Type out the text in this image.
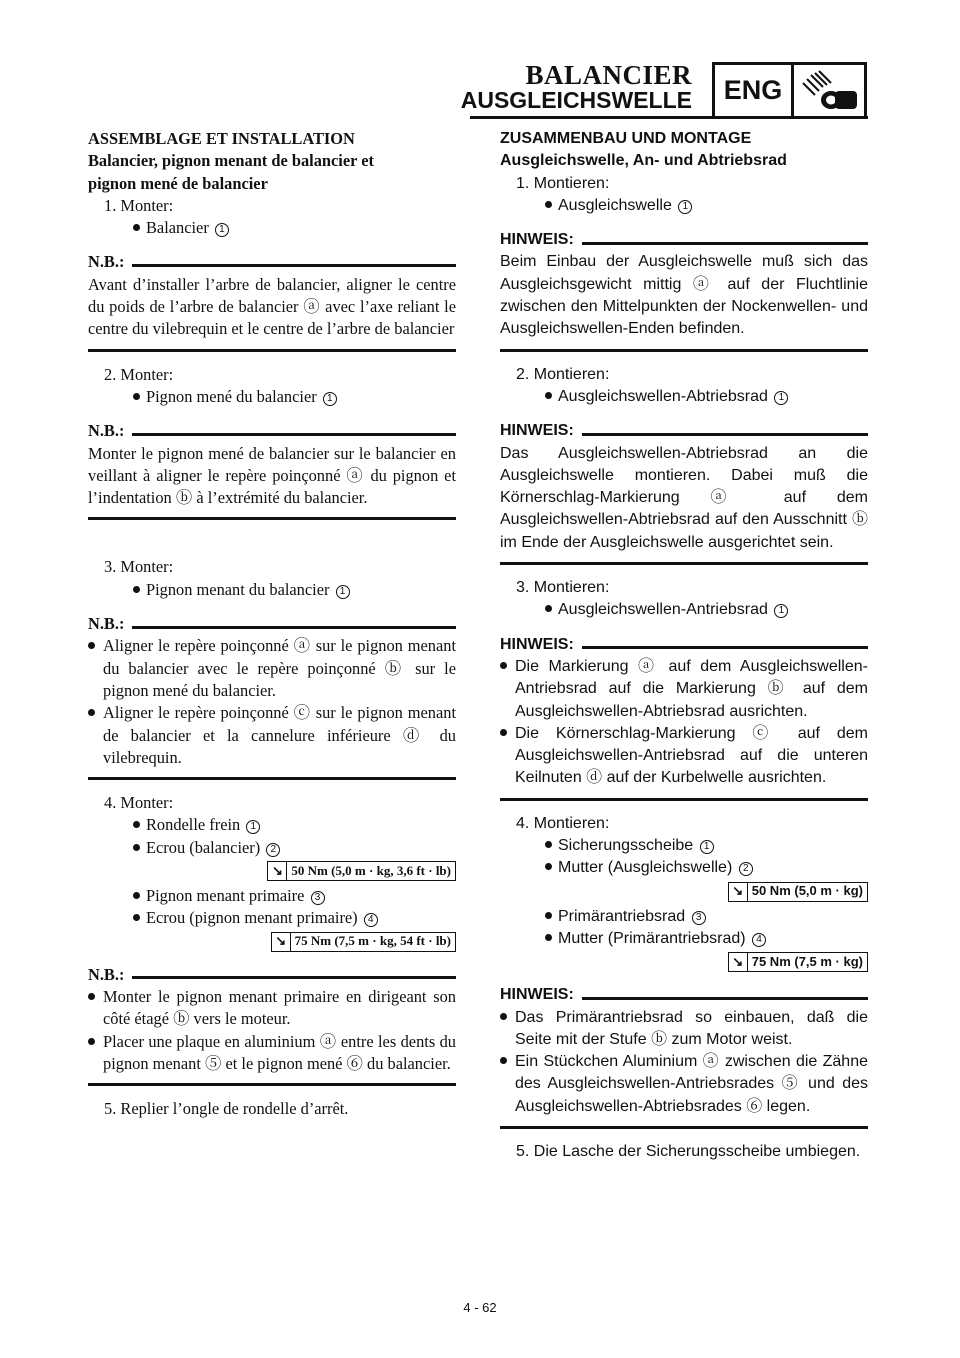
BALANCIER
AUSGLEICHSWELLE	ENG
ASSEMBLAGE ET INSTALLATION
Balancier, pignon menant de balancier et
pignon mené de balancier
1. Monter:
Balancier 1
N.B.:
Avant d’installer l’arbre de balancier, aligner le centre du poids de l’arbre de balancier ⓐ avec l’axe reliant le centre du vilebrequin et le centre de l’arbre de balancier
2. Monter:
Pignon mené du balancier 1
N.B.:
Monter le pignon mené de balancier sur le balancier en veillant à aligner le repère poinçonné ⓐ du pignon et l’indentation ⓑ à l’extrémité du balancier.
3. Monter:
Pignon menant du balancier 1
N.B.:
Aligner le repère poinçonné ⓐ sur le pignon menant du balancier avec le repère poinçonné ⓑ sur le pignon mené du balancier.
Aligner le repère poinçonné ⓒ sur le pignon menant de balancier et la cannelure inférieure ⓓ du vilebrequin.
4. Monter:
Rondelle frein 1
Ecrou (balancier) 2
↘ 50 Nm (5,0 m · kg, 3,6 ft · lb)
Pignon menant primaire 3
Ecrou (pignon menant primaire) 4
↘ 75 Nm (7,5 m · kg, 54 ft · lb)
N.B.:
Monter le pignon menant primaire en dirigeant son côté étagé ⓑ vers le moteur.
Placer une plaque en aluminium ⓐ entre les dents du pignon menant ⑤ et le pignon mené ⑥ du balancier.
5. Replier l’ongle de rondelle d’arrêt.
ZUSAMMENBAU UND MONTAGE
Ausgleichswelle, An- und Abtriebsrad
1. Montieren:
Ausgleichswelle 1
HINWEIS:
Beim Einbau der Ausgleichswelle muß sich das Ausgleichsgewicht mittig ⓐ auf der Fluchtlinie zwischen den Mittelpunkten der Nockenwellen- und Ausgleichswellen-Enden befinden.
2. Montieren:
Ausgleichswellen-Abtriebsrad 1
HINWEIS:
Das Ausgleichswellen-Abtriebsrad an die Ausgleichswelle montieren. Dabei muß die Körnerschlag-Markierung ⓐ auf dem Ausgleichswellen-Abtriebsrad auf den Ausschnitt ⓑ im Ende der Ausgleichswelle ausgerichtet sein.
3. Montieren:
Ausgleichswellen-Antriebsrad 1
HINWEIS:
Die Markierung ⓐ auf dem Ausgleichswellen-Antriebsrad auf die Markierung ⓑ auf dem Ausgleichswellen-Abtriebsrad ausrichten.
Die Körnerschlag-Markierung ⓒ auf dem Ausgleichswellen-Antriebsrad auf die unteren Keilnuten ⓓ auf der Kurbelwelle ausrichten.
4. Montieren:
Sicherungsscheibe 1
Mutter (Ausgleichswelle) 2
↘ 50 Nm (5,0 m · kg)
Primärantriebsrad 3
Mutter (Primärantriebsrad) 4
↘ 75 Nm (7,5 m · kg)
HINWEIS:
Das Primärantriebsrad so einbauen, daß die Seite mit der Stufe ⓑ zum Motor weist.
Ein Stückchen Aluminium ⓐ zwischen die Zähne des Ausgleichswellen-Antriebsrades ⑤ und des Ausgleichswellen-Abtriebsrades ⑥ legen.
5. Die Lasche der Sicherungsscheibe umbiegen.
4 - 62
